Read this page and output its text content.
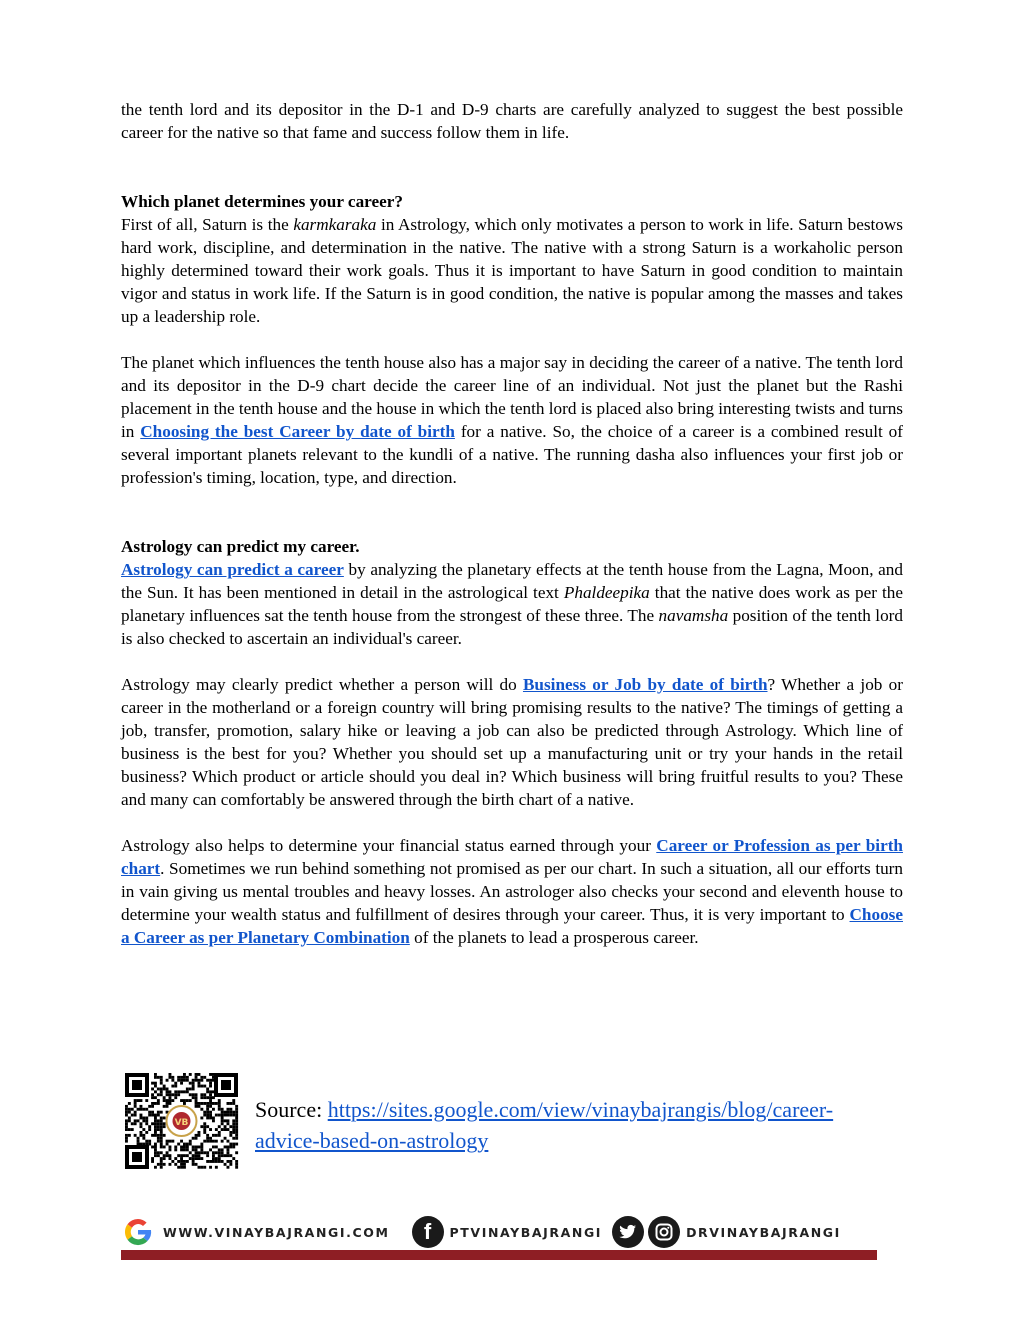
the tenth lord and its depositor in the D-1 and D-9 charts are carefully analyzed to suggest the best possible career for the native so that fame and success follow them in life.

Which planet determines your career?

First of all, Saturn is the karmkaraka in Astrology, which only motivates a person to work in life. Saturn bestows hard work, discipline, and determination in the native. The native with a strong Saturn is a workaholic person highly determined toward their work goals. Thus it is important to have Saturn in good condition to maintain vigor and status in work life. If the Saturn is in good condition, the native is popular among the masses and takes up a leadership role.

The planet which influences the tenth house also has a major say in deciding the career of a native. The tenth lord and its depositor in the D-9 chart decide the career line of an individual. Not just the planet but the Rashi placement in the tenth house and the house in which the tenth lord is placed also bring interesting twists and turns in Choosing the best Career by date of birth for a native. So, the choice of a career is a combined result of several important planets relevant to the kundli of a native. The running dasha also influences your first job or profession's timing, location, type, and direction.

Astrology can predict my career.

Astrology can predict a career by analyzing the planetary effects at the tenth house from the Lagna, Moon, and the Sun. It has been mentioned in detail in the astrological text Phaldeepika that the native does work as per the planetary influences sat the tenth house from the strongest of these three. The navamsha position of the tenth lord is also checked to ascertain an individual's career.

Astrology may clearly predict whether a person will do Business or Job by date of birth? Whether a job or career in the motherland or a foreign country will bring promising results to the native? The timings of getting a job, transfer, promotion, salary hike or leaving a job can also be predicted through Astrology. Which line of business is the best for you? Whether you should set up a manufacturing unit or try your hands in the retail business? Which product or article should you deal in? Which business will bring fruitful results to you? These and many can comfortably be answered through the birth chart of a native.

Astrology also helps to determine your financial status earned through your Career or Profession as per birth chart. Sometimes we run behind something not promised as per our chart. In such a situation, all our efforts turn in vain giving us mental troubles and heavy losses. An astrologer also checks your second and eleventh house to determine your wealth status and fulfillment of desires through your career. Thus, it is very important to Choose a Career as per Planetary Combination of the planets to lead a prosperous career.

VB
Source: https://sites.google.com/view/vinaybajrangis/blog/career-advice-based-on-astrology
WWW.VINAYBAJRANGI.COM	f	PTVINAYBAJRANGI	DRVINAYBAJRANGI
